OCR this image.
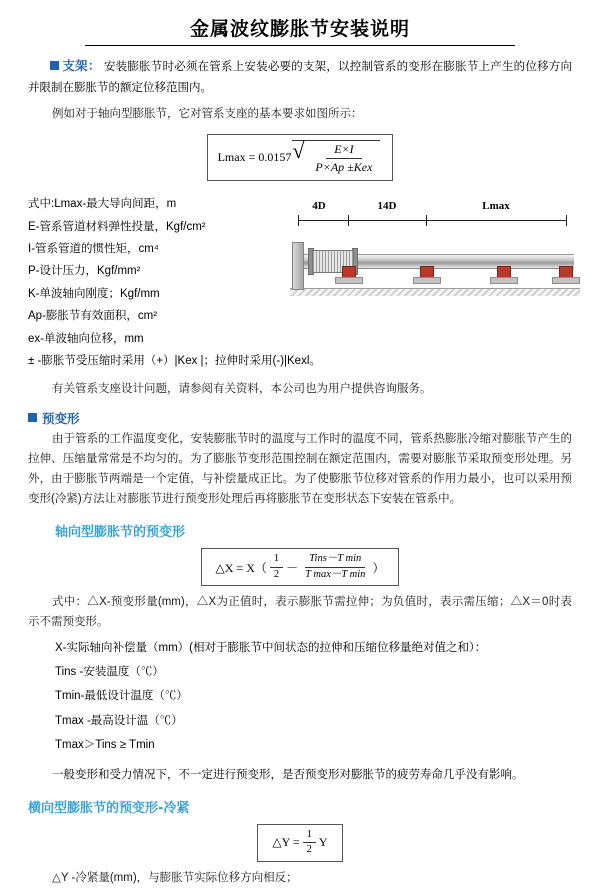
金属波纹膨胀节安装说明
支架： 安装膨胀节时必须在管系上安装必要的支架，以控制管系的变形在膨胀节上产生的位移方向并限制在膨胀节的额定位移范围内。
例如对于轴向型膨胀节，它对管系支座的基本要求如图所示：
Lmax = 0.0157 √ $\frac{E\times I}{\text{P×Ap ±Kex}}$
式中:Lmax-最大导向间距，m
E-管系管道材料弹性投量，Kgf/cm²
I-管系管道的惯性矩，cm⁴
P-设计压力，Kgf/mm²
K-单波轴向刚度；Kgf/mm
Ap-膨胀节有效面积，cm²
ex-单波轴向位移，mm
± -膨胀节受压缩时采用（+）|Kex |；拉伸时采用(-)|Kexl。
4D	14D	Lmax
有关管系支座设计问题，请参阅有关资料，本公司也为用户提供咨询服务。
预变形
由于管系的工作温度变化，安装膨胀节时的温度与工作时的温度不同，管系热膨胀冷缩对膨胀节产生的拉伸、压缩量常常是不均匀的。为了膨胀节变形范围控制在额定范围内，需要对膨胀节采取预变形处理。另外，由于膨胀节两端是一个定值，与补偿量成正比。为了使膨胀节位移对管系的作用力最小，也可以采用预变形(冷紧)方法让对膨胀节进行预变形处理后再将膨胀节在变形状态下安装在管系中。
轴向型膨胀节的预变形
△X = $X( \frac{1}{2} - \frac{\text{Tins－T min}}{\text{T max－T min}}$ ）
式中：△X-预变形量(mm)，△X为正值时，表示膨胀节需拉伸；为负值时，表示需压缩；△X＝0时表示不需预变形。
X-实际轴向补偿量（mm）(相对于膨胀节中间状态的拉伸和压缩位移量绝对值之和）：
Tins -安装温度（℃）
Tmin-最低设计温度（℃）
Tmax -最高设计温（℃）
Tmax＞Tins ≥ Tmin
一般变形和受力情况下，不一定进行预变形，是否预变形对膨胀节的疲劳寿命几乎没有影响。
横向型膨胀节的预变形-冷紧
△Y = $\frac{1}{2}$ Y
△Y -冷紧量(mm)，与膨胀节实际位移方向相反；
